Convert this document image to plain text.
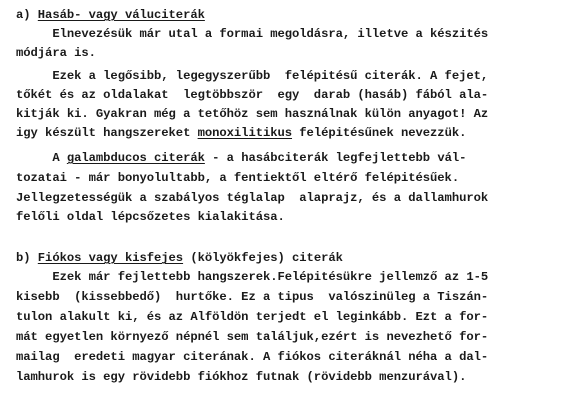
a) Hasáb- vagy váluciterák
Elnevezésük már utal a formai megoldásra, illetve a készités
módjára is.
Ezek a legősibb, legegyszerűbb  felépitésű citerák. A fejet,
tőkét és az oldalakat  legtöbbször  egy  darab (hasáb) fából ala-
kitják ki. Gyakran még a tetőhöz sem használnak külön anyagot! Az
igy készült hangszereket monoxilitikus felépitésűnek nevezzük.
A galambducos citerák - a hasábciterák legfejlettebb vál-
tozatai - már bonyolultabb, a fentiektől eltérő felépitésűek.
Jellegzetességük a szabályos téglalap  alaprajz, és a dallamhurok
felőli oldal lépcsőzetes kialakitása.
b) Fiókos vagy kisfejes (kölyökfejes) citerák
Ezek már fejlettebb hangszerek.Felépitésükre jellemző az 1-5
kisebb  (kissebbedő)  hurtőke. Ez a tipus  valószinüleg a Tiszán-
tulon alakult ki, és az Alföldön terjedt el leginkább. Ezt a for-
mát egyetlen környező népnél sem találjuk,ezért is nevezhető for-
mailag  eredeti magyar citerának. A fiókos citeráknál néha a dal-
lamhurok is egy rövidebb fiókhoz futnak (rövidebb menzurával).
